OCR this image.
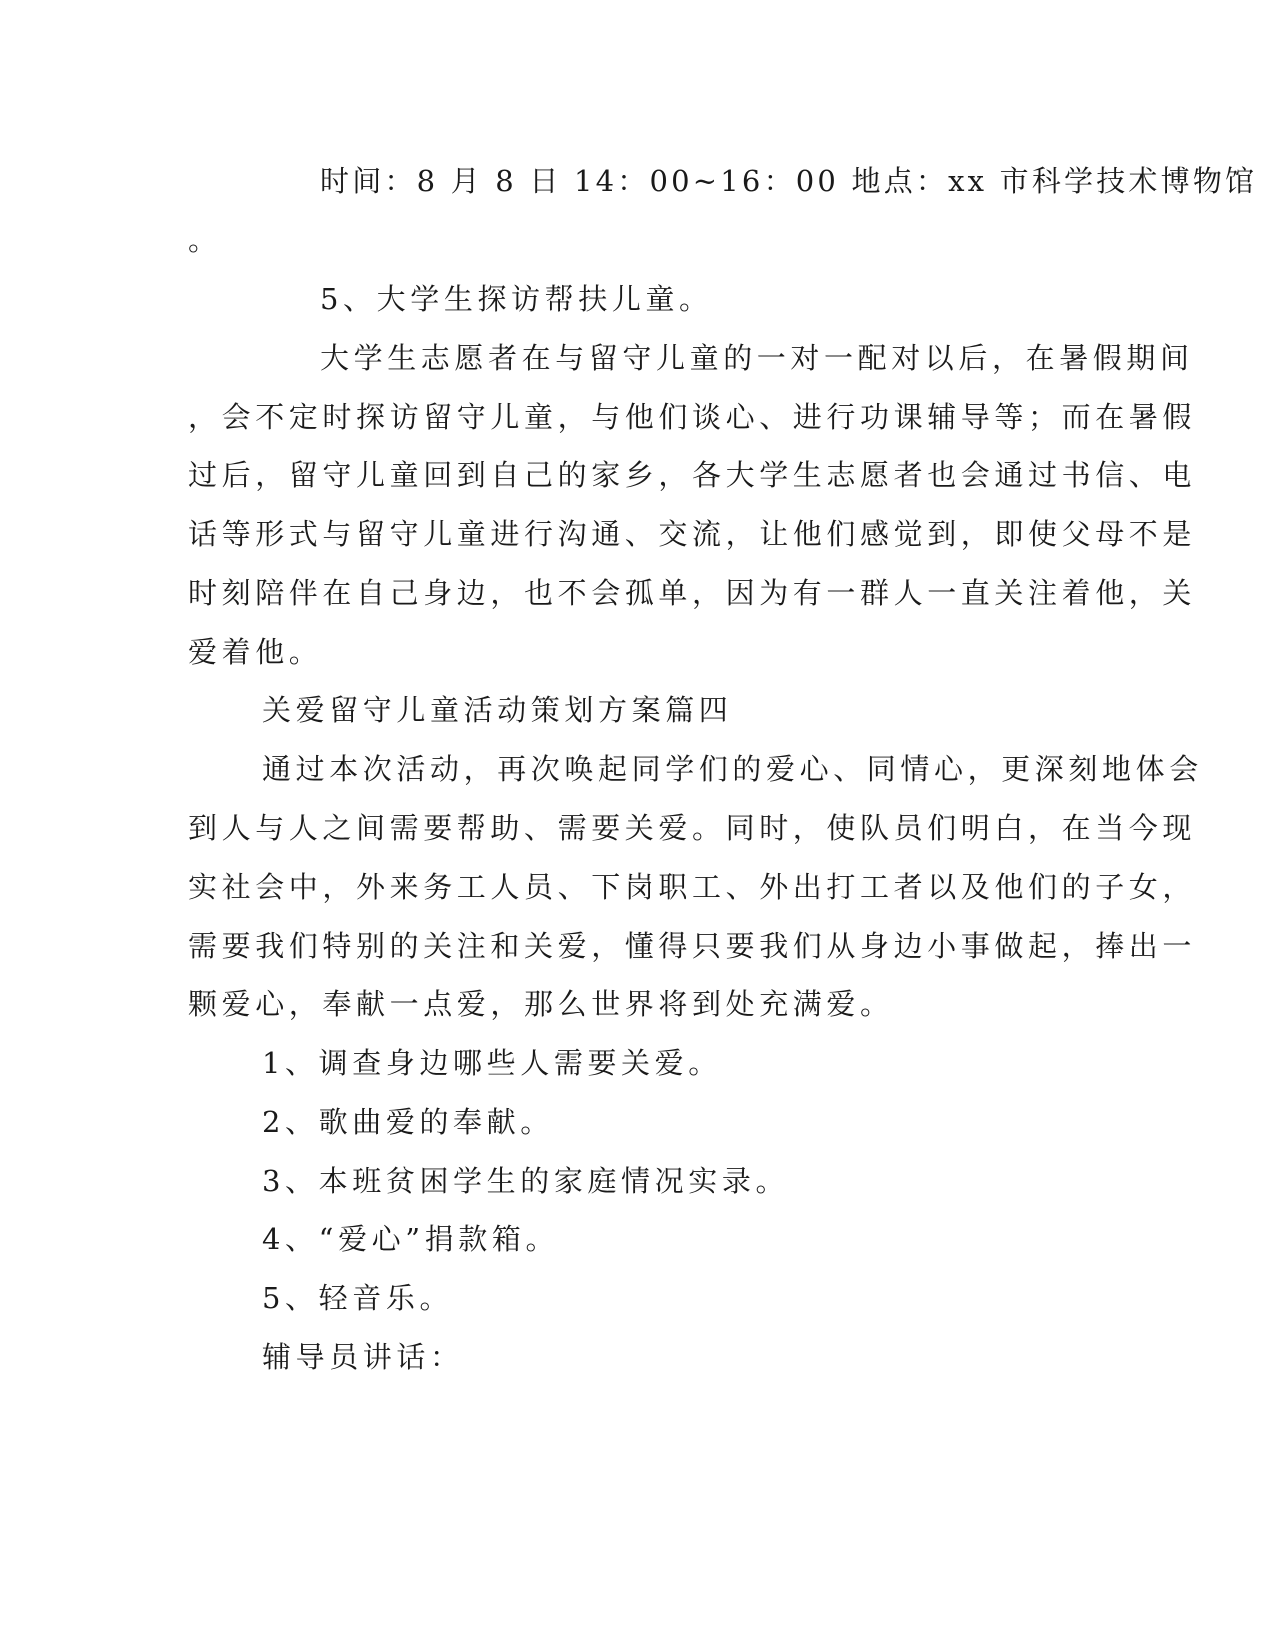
时间：8 月 8 日 14：00~16：00 地点：xx 市科学技术博物馆
。
5、大学生探访帮扶儿童。
大学生志愿者在与留守儿童的一对一配对以后，在暑假期间
，会不定时探访留守儿童，与他们谈心、进行功课辅导等；而在暑假
过后，留守儿童回到自己的家乡，各大学生志愿者也会通过书信、电
话等形式与留守儿童进行沟通、交流，让他们感觉到，即使父母不是
时刻陪伴在自己身边，也不会孤单，因为有一群人一直关注着他，关
爱着他。
关爱留守儿童活动策划方案篇四
通过本次活动，再次唤起同学们的爱心、同情心，更深刻地体会
到人与人之间需要帮助、需要关爱。同时，使队员们明白，在当今现
实社会中，外来务工人员、下岗职工、外出打工者以及他们的子女，
需要我们特别的关注和关爱，懂得只要我们从身边小事做起，捧出一
颗爱心，奉献一点爱，那么世界将到处充满爱。
1、调查身边哪些人需要关爱。
2、歌曲爱的奉献。
3、本班贫困学生的家庭情况实录。
4、“爱心”捐款箱。
5、轻音乐。
辅导员讲话：
